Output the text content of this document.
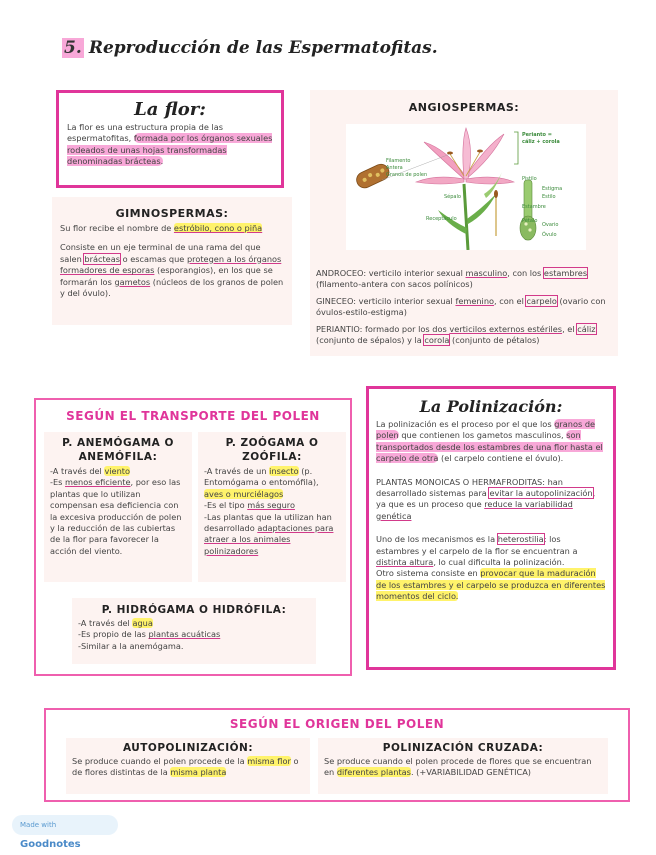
5. Reproducción de las Espermatofitas.
La flor:
La flor es una estructura propia de las espermatofitas, formada por los órganos sexuales rodeados de unas hojas transformadas denominadas brácteas.
GIMNOSPERMAS:
Su flor recibe el nombre de estróbilo, cono o piña
Consiste en un eje terminal de una rama del que salen brácteas o escamas que protegen a los órganos formadores de esporas (esporangios), en los que se formarán los gametos (núcleos de los granos de polen y del óvulo).
ANGIOSPERMAS:
Perianto =
cáliz + corola
Pistilo
Estambre
Pétalo
Estigma
Estilo
Ovario
Óvulo
Sépalo
Filamento
Antera
Granos de polen
Receptáculo
ANDROCEO: verticilo interior sexual masculino, con los estambres (filamento-antera con sacos polínicos)
GINECEO: verticilo interior sexual femenino, con el carpelo (ovario con óvulos-estilo-estigma)
PERIANTIO: formado por los dos verticilos externos estériles, el cáliz (conjunto de sépalos) y la corola (conjunto de pétalos)
SEGÚN EL TRANSPORTE DEL POLEN
P. ANEMÓGAMA O ANEMÓFILA:
-A través del viento
-Es menos eficiente, por eso las plantas que lo utilizan compensan esa deficiencia con la excesiva producción de polen y la reducción de las cubiertas de la flor para favorecer la acción del viento.
P. ZOÓGAMA O ZOÓFILA:
-A través de un insecto (p. Entomógama o entomófila), aves o murciélagos
-Es el tipo más seguro
-Las plantas que la utilizan han desarrollado adaptaciones para atraer a los animales polinizadores
P. HIDRÓGAMA O HIDRÓFILA:
-A través del agua
-Es propio de las plantas acuáticas
-Similar a la anemógama.
La Polinización:
La polinización es el proceso por el que los granos de polen que contienen los gametos masculinos, son transportados desde los estambres de una flor hasta el carpelo de otra (el carpelo contiene el óvulo).
PLANTAS MONOICAS O HERMAFRODITAS: han desarrollado sistemas para evitar la autopolinización, ya que es un proceso que reduce la variabilidad genética
Uno de los mecanismos es la heterostilia: los estambres y el carpelo de la flor se encuentran a distinta altura, lo cual dificulta la polinización.
Otro sistema consiste en provocar que la maduración de los estambres y el carpelo se produzca en diferentes momentos del ciclo.
SEGÚN EL ORIGEN DEL POLEN
AUTOPOLINIZACIÓN:
Se produce cuando el polen procede de la misma flor o de flores distintas de la misma planta
POLINIZACIÓN CRUZADA:
Se produce cuando el polen procede de flores que se encuentran en diferentes plantas. (+VARIABILIDAD GENÉTICA)
Made with Goodnotes
